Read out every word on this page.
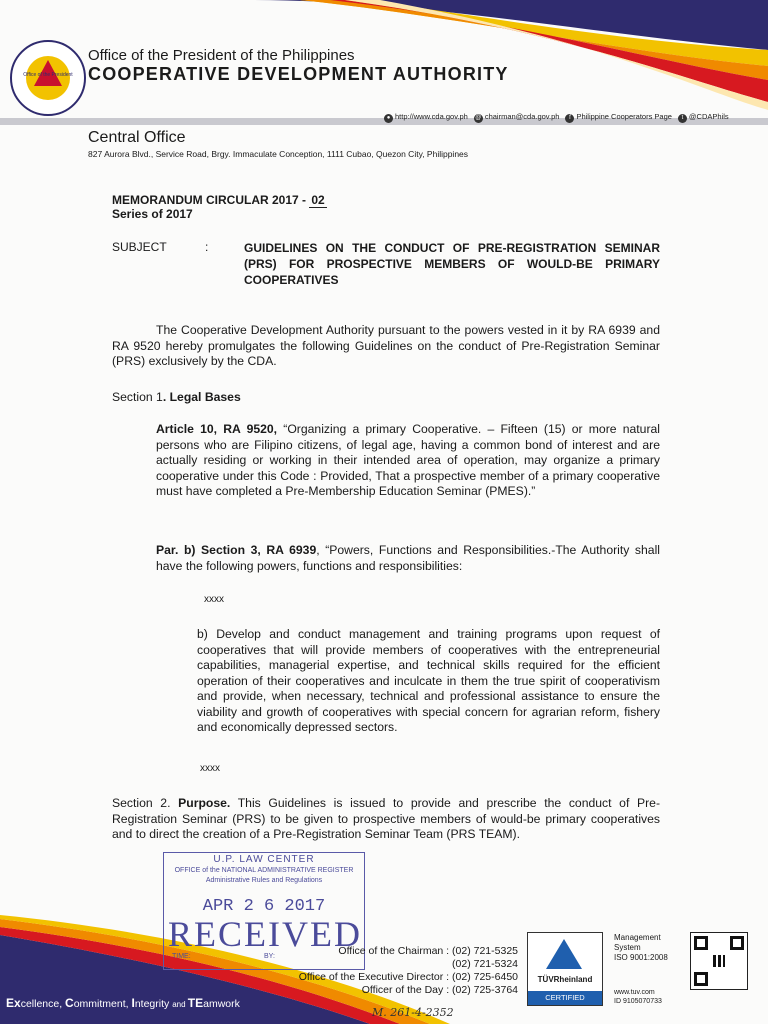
Office of the President
Office of the President of the Philippines
COOPERATIVE DEVELOPMENT AUTHORITY
● http://www.cda.gov.ph @ chairman@cda.gov.ph	f Philippine Cooperators Page	t @CDAPhils
Central Office
827 Aurora Blvd., Service Road, Brgy. Immaculate Conception, 1111 Cubao, Quezon City, Philippines
MEMORANDUM CIRCULAR 2017 - 02
Series of 2017
SUBJECT	:	GUIDELINES ON THE CONDUCT OF PRE-REGISTRATION SEMINAR (PRS) FOR PROSPECTIVE MEMBERS OF WOULD-BE PRIMARY COOPERATIVES

The Cooperative Development Authority pursuant to the powers vested in it by RA 6939 and RA 9520 hereby promulgates the following Guidelines on the conduct of Pre-Registration Seminar (PRS) exclusively by the CDA.

Section 1. Legal Bases

Article 10, RA 9520, “Organizing a primary Cooperative. – Fifteen (15) or more natural persons who are Filipino citizens, of legal age, having a common bond of interest and are actually residing or working in their intended area of operation, may organize a primary cooperative under this Code : Provided, That a prospective member of a primary cooperative must have completed a Pre-Membership Education Seminar (PMES).”

Par. b) Section 3, RA 6939, “Powers, Functions and Responsibilities.-The Authority shall have the following powers, functions and responsibilities:

xxxx

b) Develop and conduct management and training programs upon request of cooperatives that will provide members of cooperatives with the entrepreneurial capabilities, managerial expertise, and technical skills required for the efficient operation of their cooperatives and inculcate in them the true spirit of cooperativism and provide, when necessary, technical and professional assistance to ensure the viability and growth of cooperatives with special concern for agrarian reform, fishery and economically depressed sectors.

xxxx

Section 2. Purpose. This Guidelines is issued to provide and prescribe the conduct of Pre-Registration Seminar (PRS) to be given to prospective members of would-be primary cooperatives and to direct the creation of a Pre-Registration Seminar Team (PRS TEAM).

U.P. LAW CENTER
OFFICE of the NATIONAL ADMINISTRATIVE REGISTER
Administrative Rules and Regulations
APR 2 6 2017
RECEIVED
TIME:	BY:	Office of the Chairman : (02) 721-5325
(02) 721-5324
Office of the Executive Director : (02) 725-6450
Officer of the Day : (02) 725-3764
TÜVRheinland
CERTIFIED
Management
System
ISO 9001:2008
www.tuv.com
ID 9105070733
Excellence, Commitment, Integrity and TEamwork
M. 261-4-2352
